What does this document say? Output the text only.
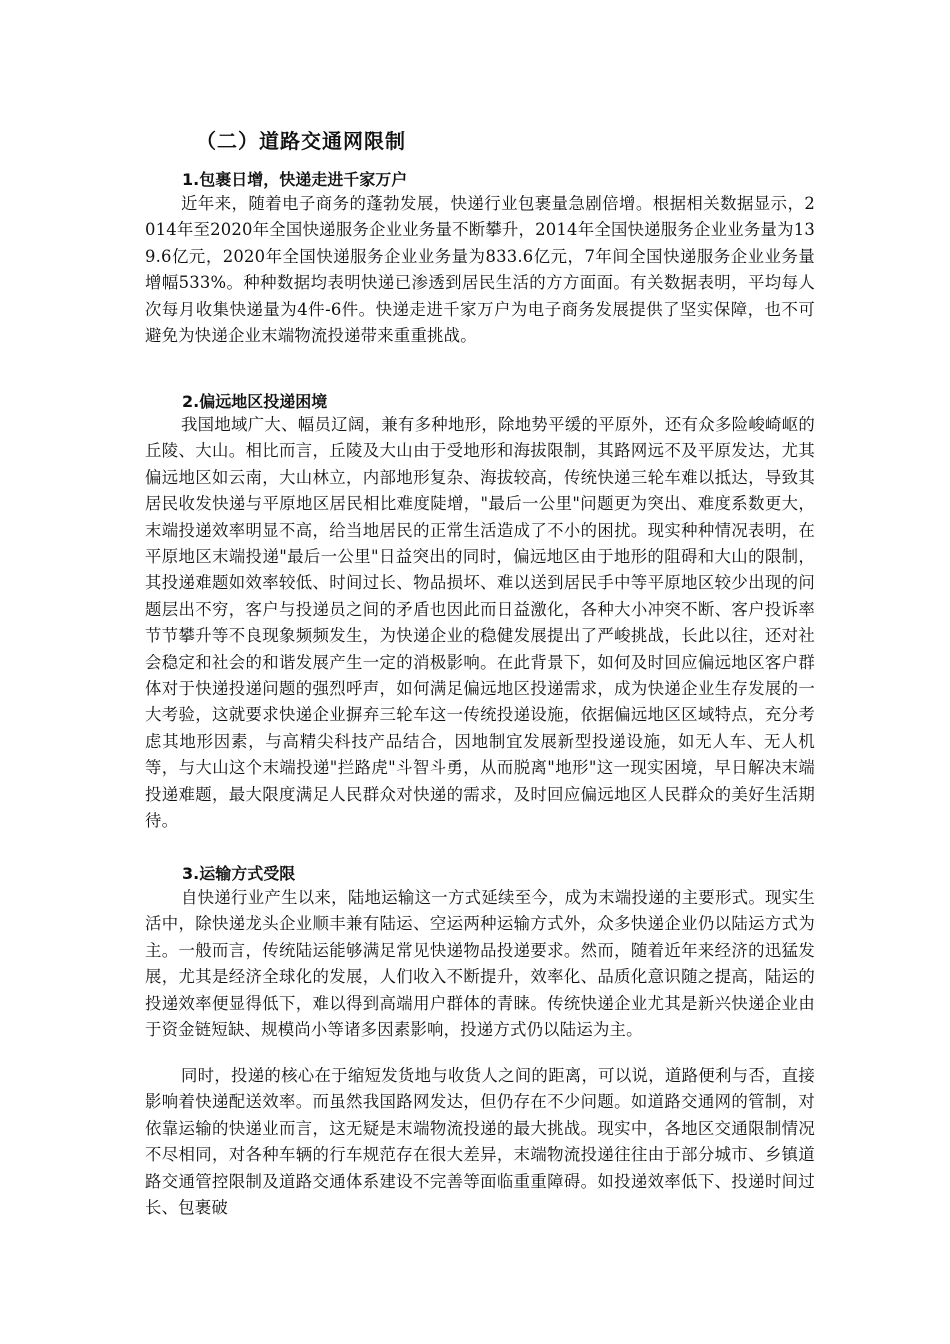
（二）道路交通网限制
1.包裹日增，快递走进千家万户
近年来，随着电子商务的蓬勃发展，快递行业包裹量急剧倍增。根据相关数据显示，2014年至2020年全国快递服务企业业务量不断攀升，2014年全国快递服务企业业务量为139.6亿元，2020年全国快递服务企业业务量为833.6亿元，7年间全国快递服务企业业务量增幅533%。种种数据均表明快递已渗透到居民生活的方方面面。有关数据表明，平均每人次每月收集快递量为4件-6件。快递走进千家万户为电子商务发展提供了坚实保障，也不可避免为快递企业末端物流投递带来重重挑战。
2.偏远地区投递困境
我国地域广大、幅员辽阔，兼有多种地形，除地势平缓的平原外，还有众多险峻崎岖的丘陵、大山。相比而言，丘陵及大山由于受地形和海拔限制，其路网远不及平原发达，尤其偏远地区如云南，大山林立，内部地形复杂、海拔较高，传统快递三轮车难以抵达，导致其居民收发快递与平原地区居民相比难度陡增，"最后一公里"问题更为突出、难度系数更大，末端投递效率明显不高，给当地居民的正常生活造成了不小的困扰。现实种种情况表明，在平原地区末端投递"最后一公里"日益突出的同时，偏远地区由于地形的阻碍和大山的限制，其投递难题如效率较低、时间过长、物品损坏、难以送到居民手中等平原地区较少出现的问题层出不穷，客户与投递员之间的矛盾也因此而日益激化，各种大小冲突不断、客户投诉率节节攀升等不良现象频频发生，为快递企业的稳健发展提出了严峻挑战，长此以往，还对社会稳定和社会的和谐发展产生一定的消极影响。在此背景下，如何及时回应偏远地区客户群体对于快递投递问题的强烈呼声，如何满足偏远地区投递需求，成为快递企业生存发展的一大考验，这就要求快递企业摒弃三轮车这一传统投递设施，依据偏远地区区域特点，充分考虑其地形因素，与高精尖科技产品结合，因地制宜发展新型投递设施，如无人车、无人机等，与大山这个末端投递"拦路虎"斗智斗勇，从而脱离"地形"这一现实困境，早日解决末端投递难题，最大限度满足人民群众对快递的需求，及时回应偏远地区人民群众的美好生活期待。
3.运输方式受限
自快递行业产生以来，陆地运输这一方式延续至今，成为末端投递的主要形式。现实生活中，除快递龙头企业顺丰兼有陆运、空运两种运输方式外，众多快递企业仍以陆运方式为主。一般而言，传统陆运能够满足常见快递物品投递要求。然而，随着近年来经济的迅猛发展，尤其是经济全球化的发展，人们收入不断提升，效率化、品质化意识随之提高，陆运的投递效率便显得低下，难以得到高端用户群体的青睐。传统快递企业尤其是新兴快递企业由于资金链短缺、规模尚小等诸多因素影响，投递方式仍以陆运为主。
同时，投递的核心在于缩短发货地与收货人之间的距离，可以说，道路便利与否，直接影响着快递配送效率。而虽然我国路网发达，但仍存在不少问题。如道路交通网的管制，对依靠运输的快递业而言，这无疑是末端物流投递的最大挑战。现实中，各地区交通限制情况不尽相同，对各种车辆的行车规范存在很大差异，末端物流投递往往由于部分城市、乡镇道路交通管控限制及道路交通体系建设不完善等面临重重障碍。如投递效率低下、投递时间过长、包裹破
